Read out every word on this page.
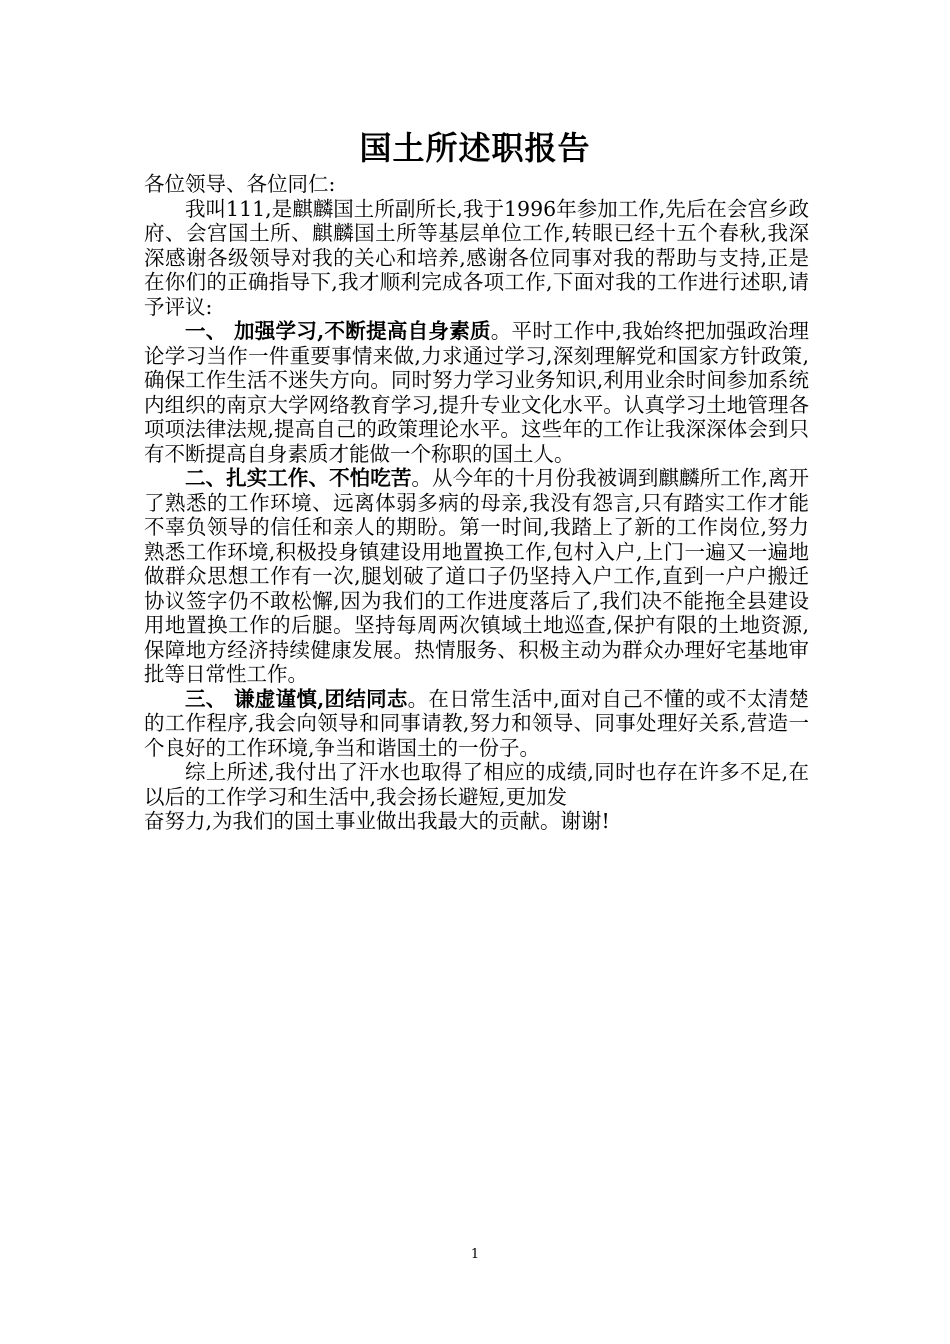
国土所述职报告

各位领导、各位同仁:

我叫111,是麒麟国土所副所长,我于1996年参加工作,先后在会宫乡政府、会宫国土所、麒麟国土所等基层单位工作,转眼已经十五个春秋,我深深感谢各级领导对我的关心和培养,感谢各位同事对我的帮助与支持,正是在你们的正确指导下,我才顺利完成各项工作,下面对我的工作进行述职,请予评议:

一、 加强学习,不断提高自身素质。平时工作中,我始终把加强政治理论学习当作一件重要事情来做,力求通过学习,深刻理解党和国家方针政策,确保工作生活不迷失方向。同时努力学习业务知识,利用业余时间参加系统内组织的南京大学网络教育学习,提升专业文化水平。认真学习土地管理各项项法律法规,提高自己的政策理论水平。这些年的工作让我深深体会到只有不断提高自身素质才能做一个称职的国土人。

二、扎实工作、不怕吃苦。从今年的十月份我被调到麒麟所工作,离开了熟悉的工作环境、远离体弱多病的母亲,我没有怨言,只有踏实工作才能不辜负领导的信任和亲人的期盼。第一时间,我踏上了新的工作岗位,努力熟悉工作环境,积极投身镇建设用地置换工作,包村入户,上门一遍又一遍地做群众思想工作有一次,腿划破了道口子仍坚持入户工作,直到一户户搬迁协议签字仍不敢松懈,因为我们的工作进度落后了,我们决不能拖全县建设用地置换工作的后腿。坚持每周两次镇域土地巡查,保护有限的土地资源,保障地方经济持续健康发展。热情服务、积极主动为群众办理好宅基地审批等日常性工作。

三、 谦虚谨慎,团结同志。在日常生活中,面对自己不懂的或不太清楚的工作程序,我会向领导和同事请教,努力和领导、同事处理好关系,营造一个良好的工作环境,争当和谐国土的一份子。

综上所述,我付出了汗水也取得了相应的成绩,同时也存在许多不足,在以后的工作学习和生活中,我会扬长避短,更加发

奋努力,为我们的国土事业做出我最大的贡献。谢谢!

1
